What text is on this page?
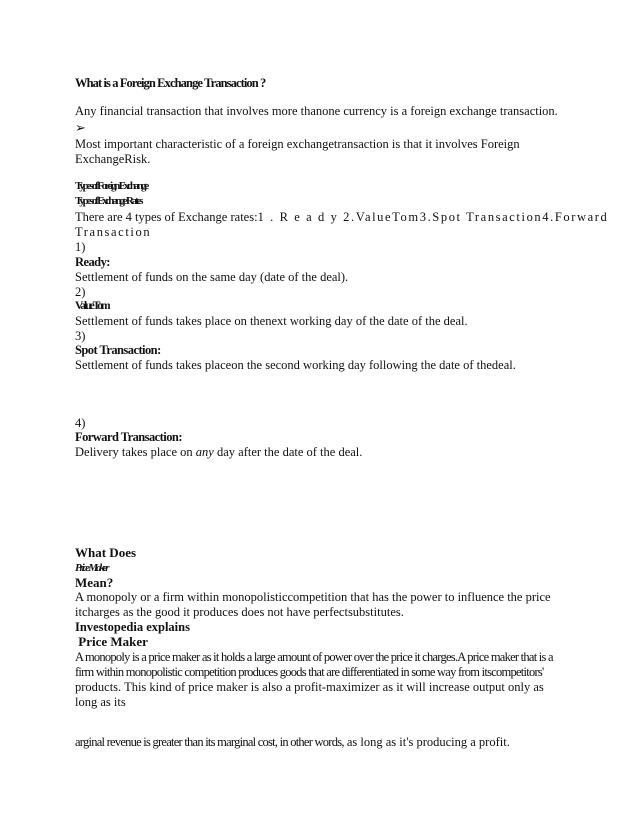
What is a Foreign Exchange Transaction ?
Any financial transaction that involves more thanone currency is a foreign exchange transaction.
➢
Most important characteristic of a foreign exchangetransaction is that it involves Foreign
ExchangeRisk.
Types of Foreign Exchange
Types of Exchange Rates
There are 4 types of Exchange rates:1 . R e a d y 2.ValueTom3.Spot Transaction4.Forward
Transaction
1)
Ready:
Settlement of funds on the same day (date of the deal).
2)
ValueTom
Settlement of funds takes place on thenext working day of the date of the deal.
3)
Spot Transaction:
Settlement of funds takes placeon the second working day following the date of thedeal.
4)
Forward Transaction:
Delivery takes place on any day after the date of the deal.
What Does
Price Maker
Mean?
A monopoly or a firm within monopolisticcompetition that has the power to influence the price
itcharges as the good it produces does not have perfectsubstitutes.
Investopedia explains
Price Maker
A monopoly is a price maker as it holds a large amount of power over the price it charges.A price maker that is a
firm within monopolistic competition produces goods that are differentiated in some way from itscompetitors'
products. This kind of price maker is also a profit-maximizer as it will increase output only as
long as its
arginal revenue is greater than its marginal cost, in other words, as long as it's producing a profit.
